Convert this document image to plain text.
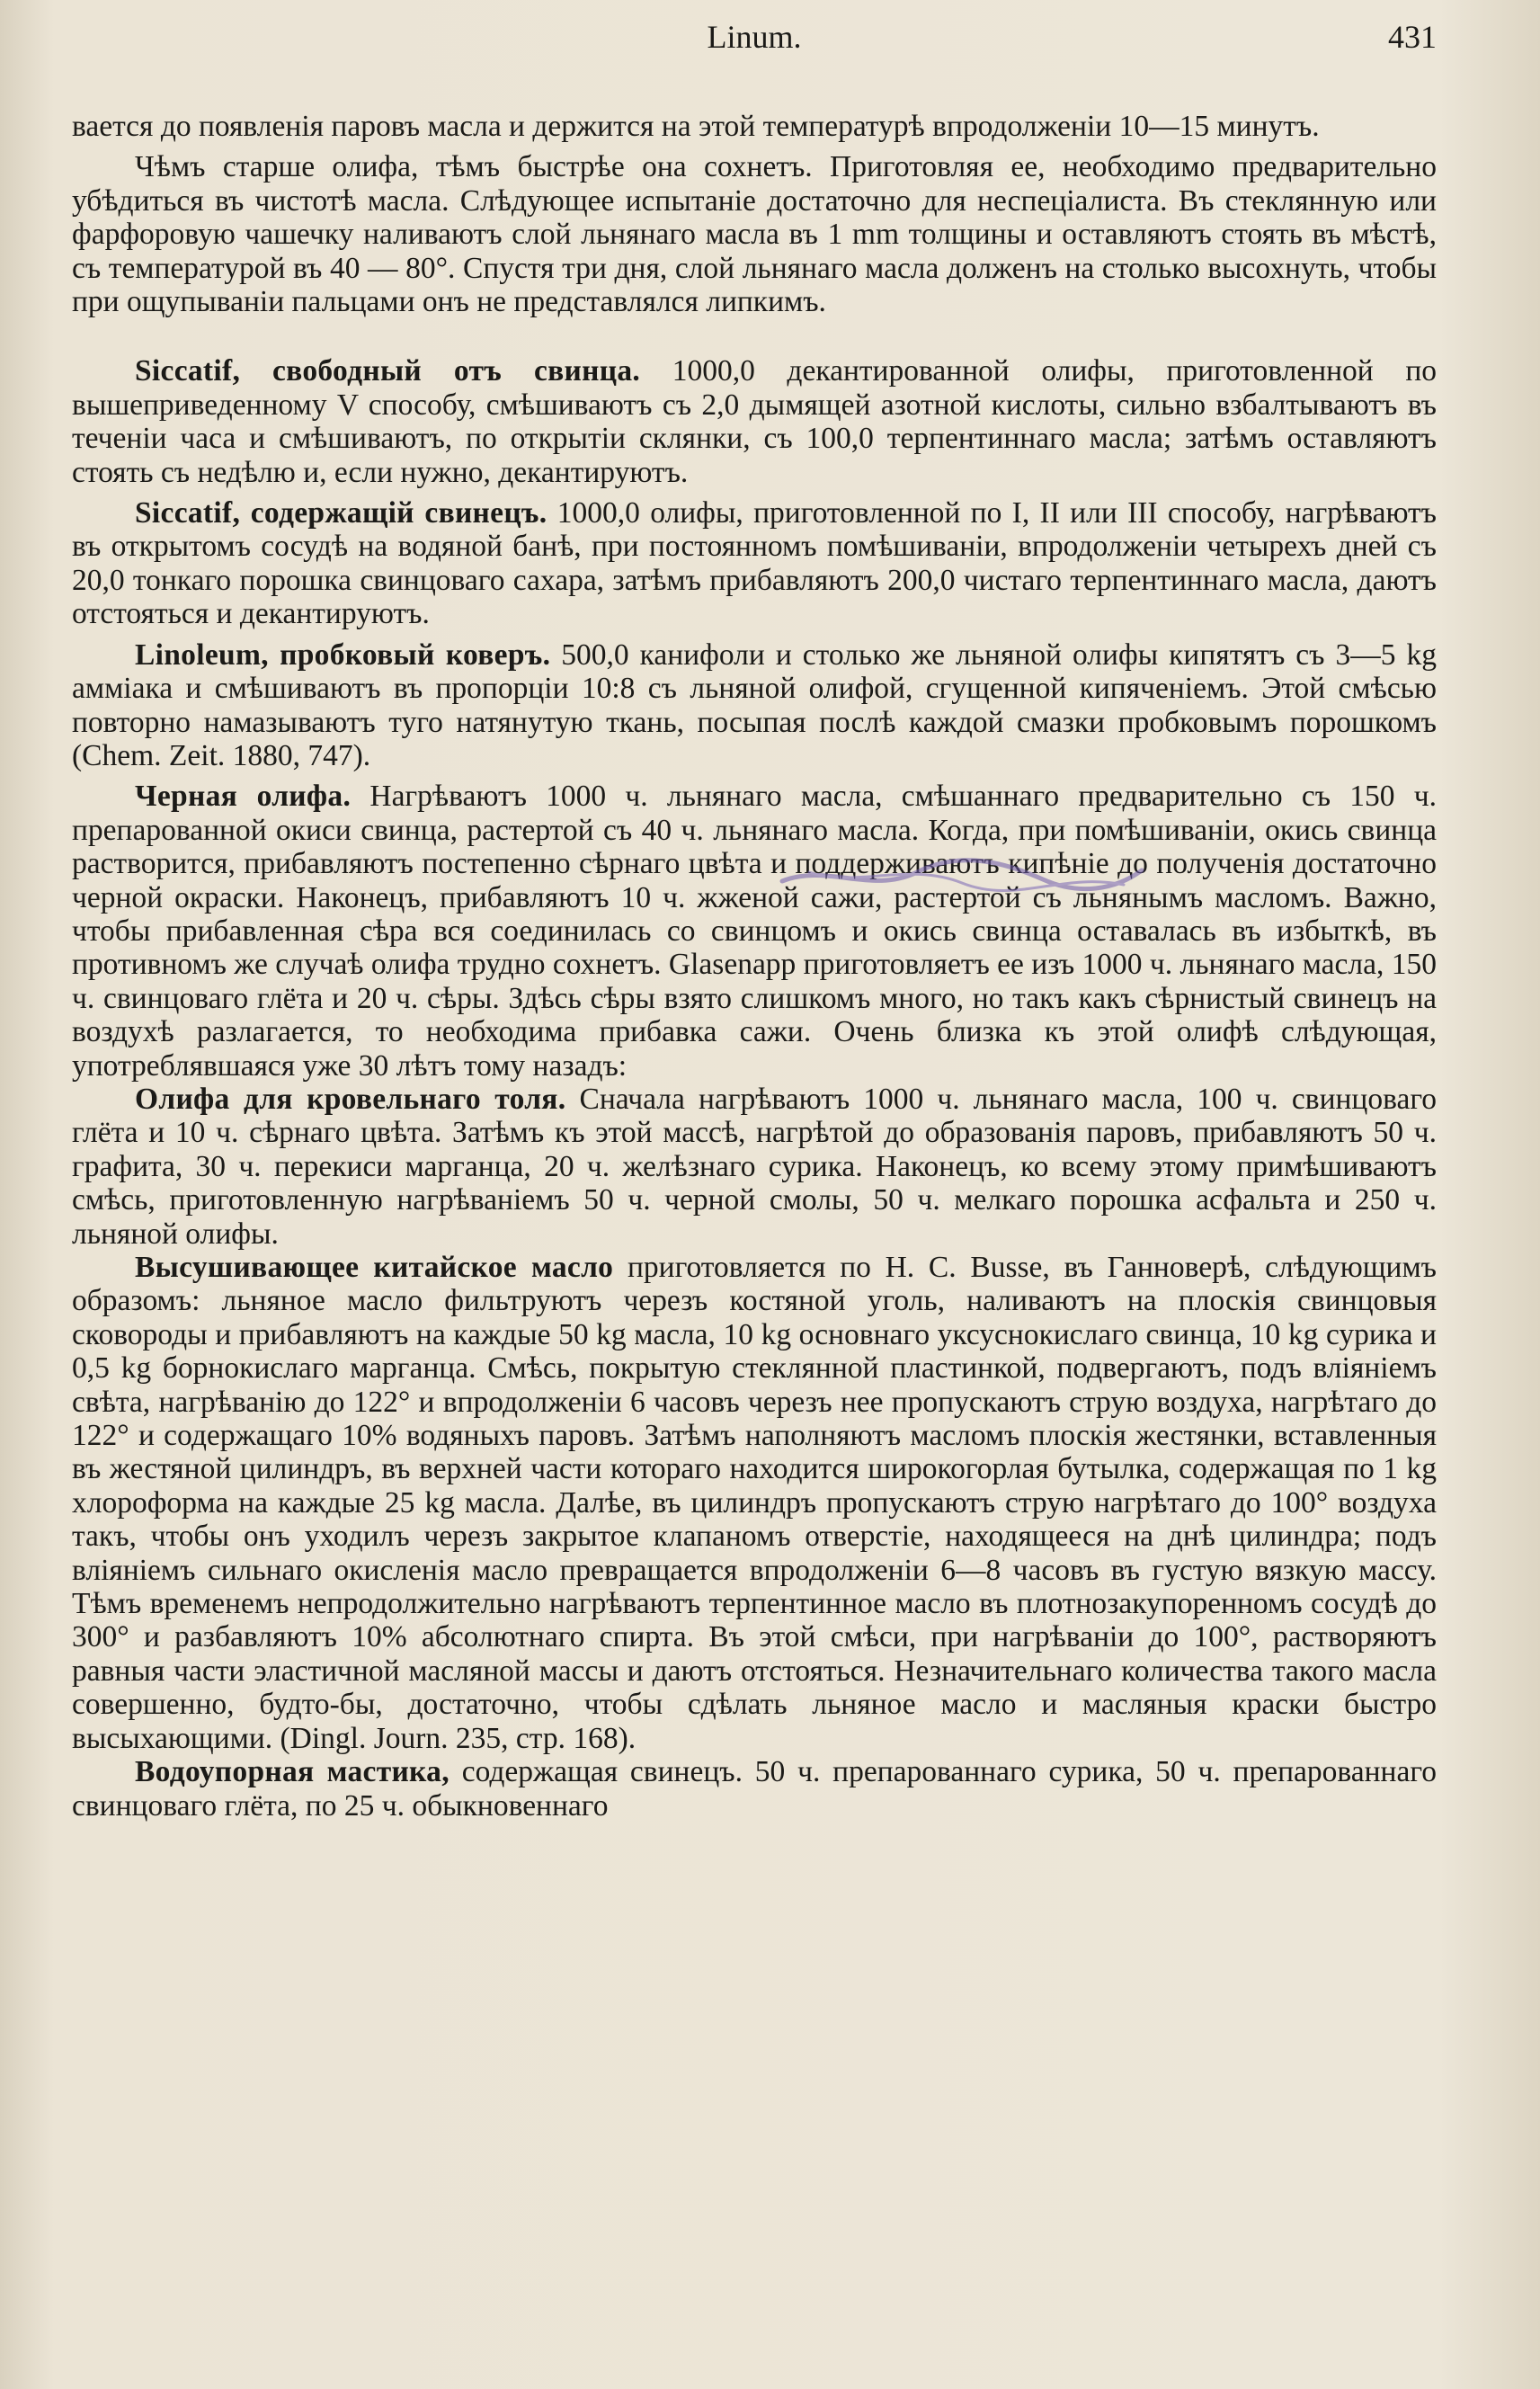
Linum.	431

вается до появленія паровъ масла и держится на этой температурѣ впродолженіи 10—15 минутъ.

Чѣмъ старше олифа, тѣмъ быстрѣе она сохнетъ. Приготовляя ее, необходимо предварительно убѣдиться въ чистотѣ масла. Слѣдующее испытаніе достаточно для неспеціалиста. Въ стеклянную или фарфоровую чашечку наливаютъ слой льнянаго масла въ 1 mm толщины и оставляютъ стоять въ мѣстѣ, съ температурой въ 40 — 80°. Спустя три дня, слой льнянаго масла долженъ на столько высохнуть, чтобы при ощупываніи пальцами онъ не представлялся липкимъ.

Siccatif, свободный отъ свинца. 1000,0 декантированной олифы, приготовленной по вышеприведенному V способу, смѣшиваютъ съ 2,0 дымящей азотной кислоты, сильно взбалтываютъ въ теченіи часа и смѣшиваютъ, по открытіи склянки, съ 100,0 терпентиннаго масла; затѣмъ оставляютъ стоять съ недѣлю и, если нужно, декантируютъ.

Siccatif, содержащій свинецъ. 1000,0 олифы, приготовленной по I, II или III способу, нагрѣваютъ въ открытомъ сосудѣ на водяной банѣ, при постоянномъ помѣшиваніи, впродолженіи четырехъ дней съ 20,0 тонкаго порошка свинцоваго сахара, затѣмъ прибавляютъ 200,0 чистаго терпентиннаго масла, даютъ отстояться и декантируютъ.

Linoleum, пробковый коверъ. 500,0 канифоли и столько же льняной олифы кипятятъ съ 3—5 kg аммiака и смѣшиваютъ въ пропорціи 10:8 съ льняной олифой, сгущенной кипяченіемъ. Этой смѣсью повторно намазываютъ туго натянутую ткань, посыпая послѣ каждой смазки пробковымъ порошкомъ (Chem. Zeit. 1880, 747).

Черная олифа. Нагрѣваютъ 1000 ч. льнянаго масла, смѣшаннаго предварительно съ 150 ч. препарованной окиси свинца, растертой съ 40 ч. льнянаго масла. Когда, при помѣшиваніи, окись свинца растворится, прибавляютъ постепенно сѣрнаго цвѣта и поддерживаютъ кипѣніе до полученія достаточно черной окраски. Наконецъ, прибавляютъ 10 ч. жженой сажи, растертой съ льнянымъ масломъ. Важно, чтобы прибавленная сѣра вся соединилась со свинцомъ и окись свинца оставалась въ избыткѣ, въ противномъ же случаѣ олифа трудно сохнетъ. Glasenapp приготовляетъ ее изъ 1000 ч. льнянаго масла, 150 ч. свинцоваго глёта и 20 ч. сѣры. Здѣсь сѣры взято слишкомъ много, но такъ какъ сѣрнистый свинецъ на воздухѣ разлагается, то необходима прибавка сажи. Очень близка къ этой олифѣ слѣдующая, употреблявшаяся уже 30 лѣтъ тому назадъ:

Олифа для кровельнаго толя. Сначала нагрѣваютъ 1000 ч. льнянаго масла, 100 ч. свинцоваго глёта и 10 ч. сѣрнаго цвѣта. Затѣмъ къ этой массѣ, нагрѣтой до образованія паровъ, прибавляютъ 50 ч. графита, 30 ч. перекиси марганца, 20 ч. желѣзнаго сурика. Наконецъ, ко всему этому примѣшиваютъ смѣсь, приготовленную нагрѣваніемъ 50 ч. черной смолы, 50 ч. мелкаго порошка асфальта и 250 ч. льняной олифы.

Высушивающее китайское масло приготовляется по H. C. Busse, въ Ганноверѣ, слѣдующимъ образомъ: льняное масло фильтруютъ черезъ костяной уголь, наливаютъ на плоскія свинцовыя сковороды и прибавляютъ на каждые 50 kg масла, 10 kg основнаго уксуснокислаго свинца, 10 kg сурика и 0,5 kg борнокислаго марганца. Смѣсь, покрытую стеклянной пластинкой, подвергаютъ, подъ вліяніемъ свѣта, нагрѣванію до 122° и впродолженіи 6 часовъ черезъ нее пропускаютъ струю воздуха, нагрѣтаго до 122° и содержащаго 10% водяныхъ паровъ. Затѣмъ наполняютъ масломъ плоскія жестянки, вставленныя въ жестяной цилиндръ, въ верхней части котораго находится широкогорлая бутылка, содержащая по 1 kg хлороформа на каждые 25 kg масла. Далѣе, въ цилиндръ пропускаютъ струю нагрѣтаго до 100° воздуха такъ, чтобы онъ уходилъ черезъ закрытое клапаномъ отверстіе, находящееся на днѣ цилиндра; подъ вліяніемъ сильнаго окисленія масло превращается впродолженіи 6—8 часовъ въ густую вязкую массу. Тѣмъ временемъ непродолжительно нагрѣваютъ терпентинное масло въ плотнозакупоренномъ сосудѣ до 300° и разбавляютъ 10% абсолютнаго спирта. Въ этой смѣси, при нагрѣваніи до 100°, растворяютъ равныя части эластичной масляной массы и даютъ отстояться. Незначительнаго количества такого масла совершенно, будто-бы, достаточно, чтобы сдѣлать льняное масло и масляныя краски быстро высыхающими. (Dingl. Journ. 235, стр. 168).

Водоупорная мастика, содержащая свинецъ. 50 ч. препарованнаго сурика, 50 ч. препарованнаго свинцоваго глёта, по 25 ч. обыкновеннаго
